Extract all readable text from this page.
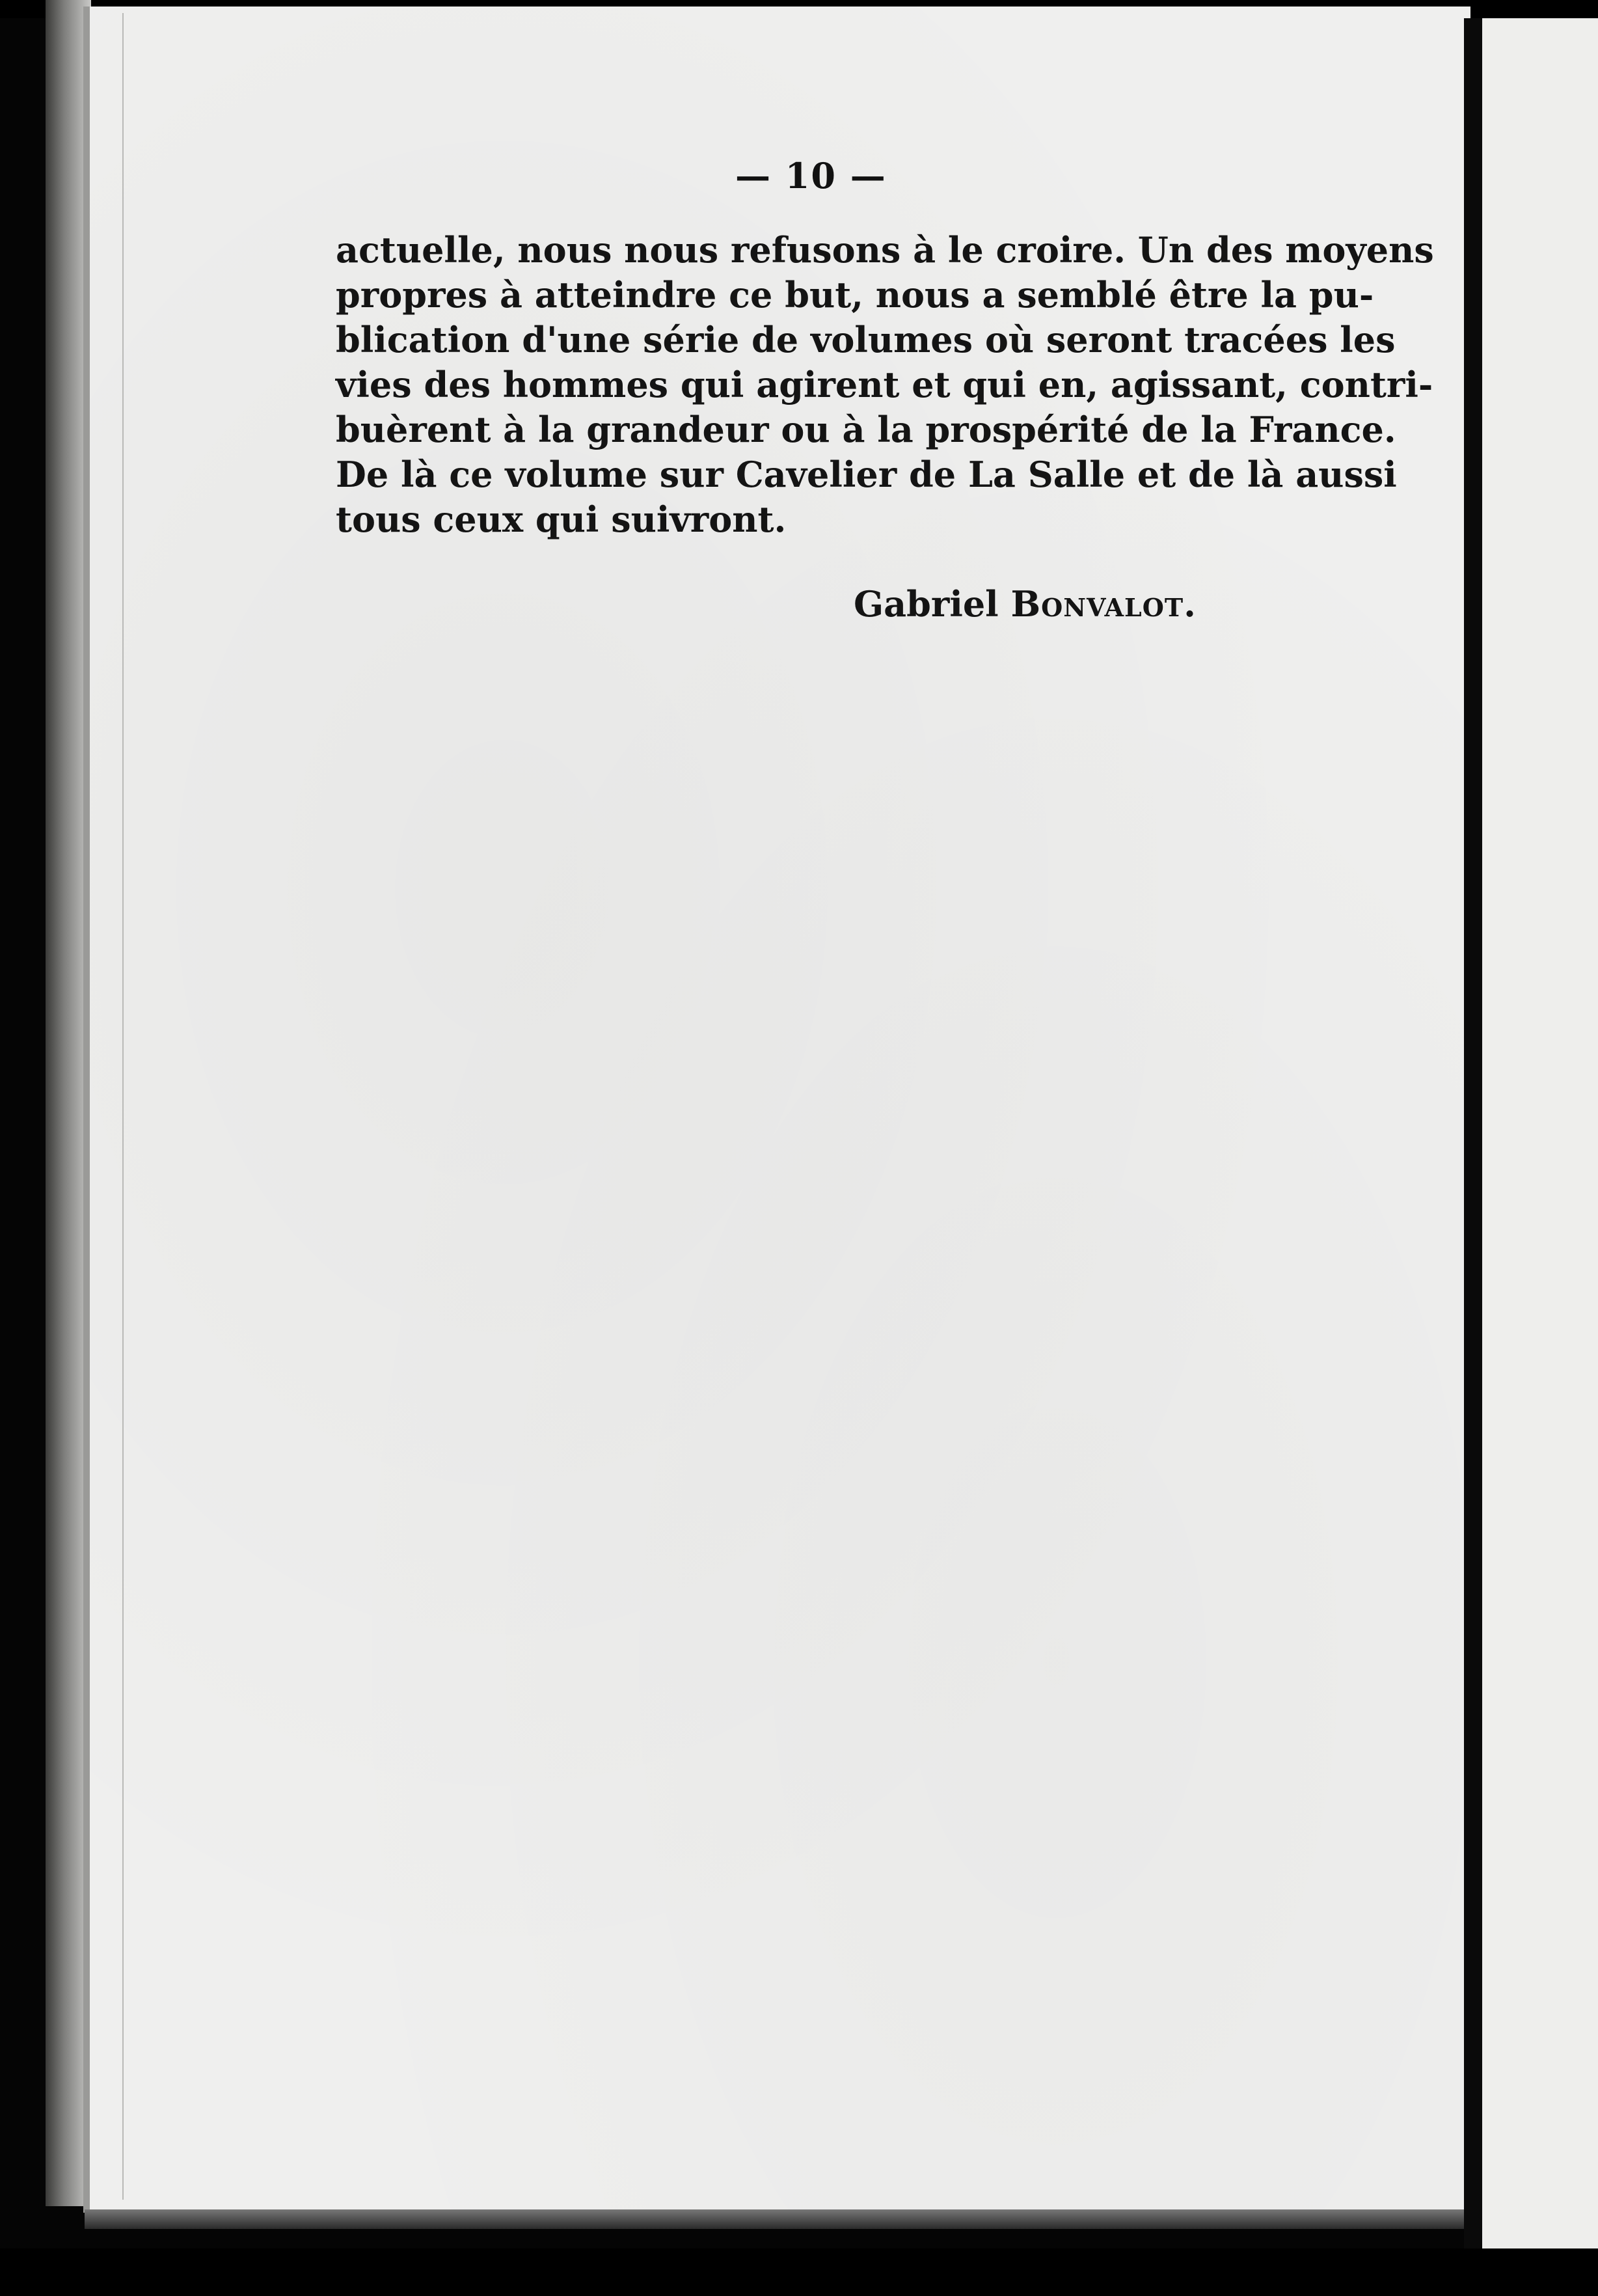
— 10 —
actuelle, nous nous refusons à le croire. Un des moyens
propres à atteindre ce but, nous a semblé être la pu-
blication d'une série de volumes où seront tracées les
vies des hommes qui agirent et qui en, agissant, contri-
buèrent à la grandeur ou à la prospérité de la France.
De là ce volume sur Cavelier de La Salle et de là aussi
tous ceux qui suivront.
Gabriel Bonvalot.
